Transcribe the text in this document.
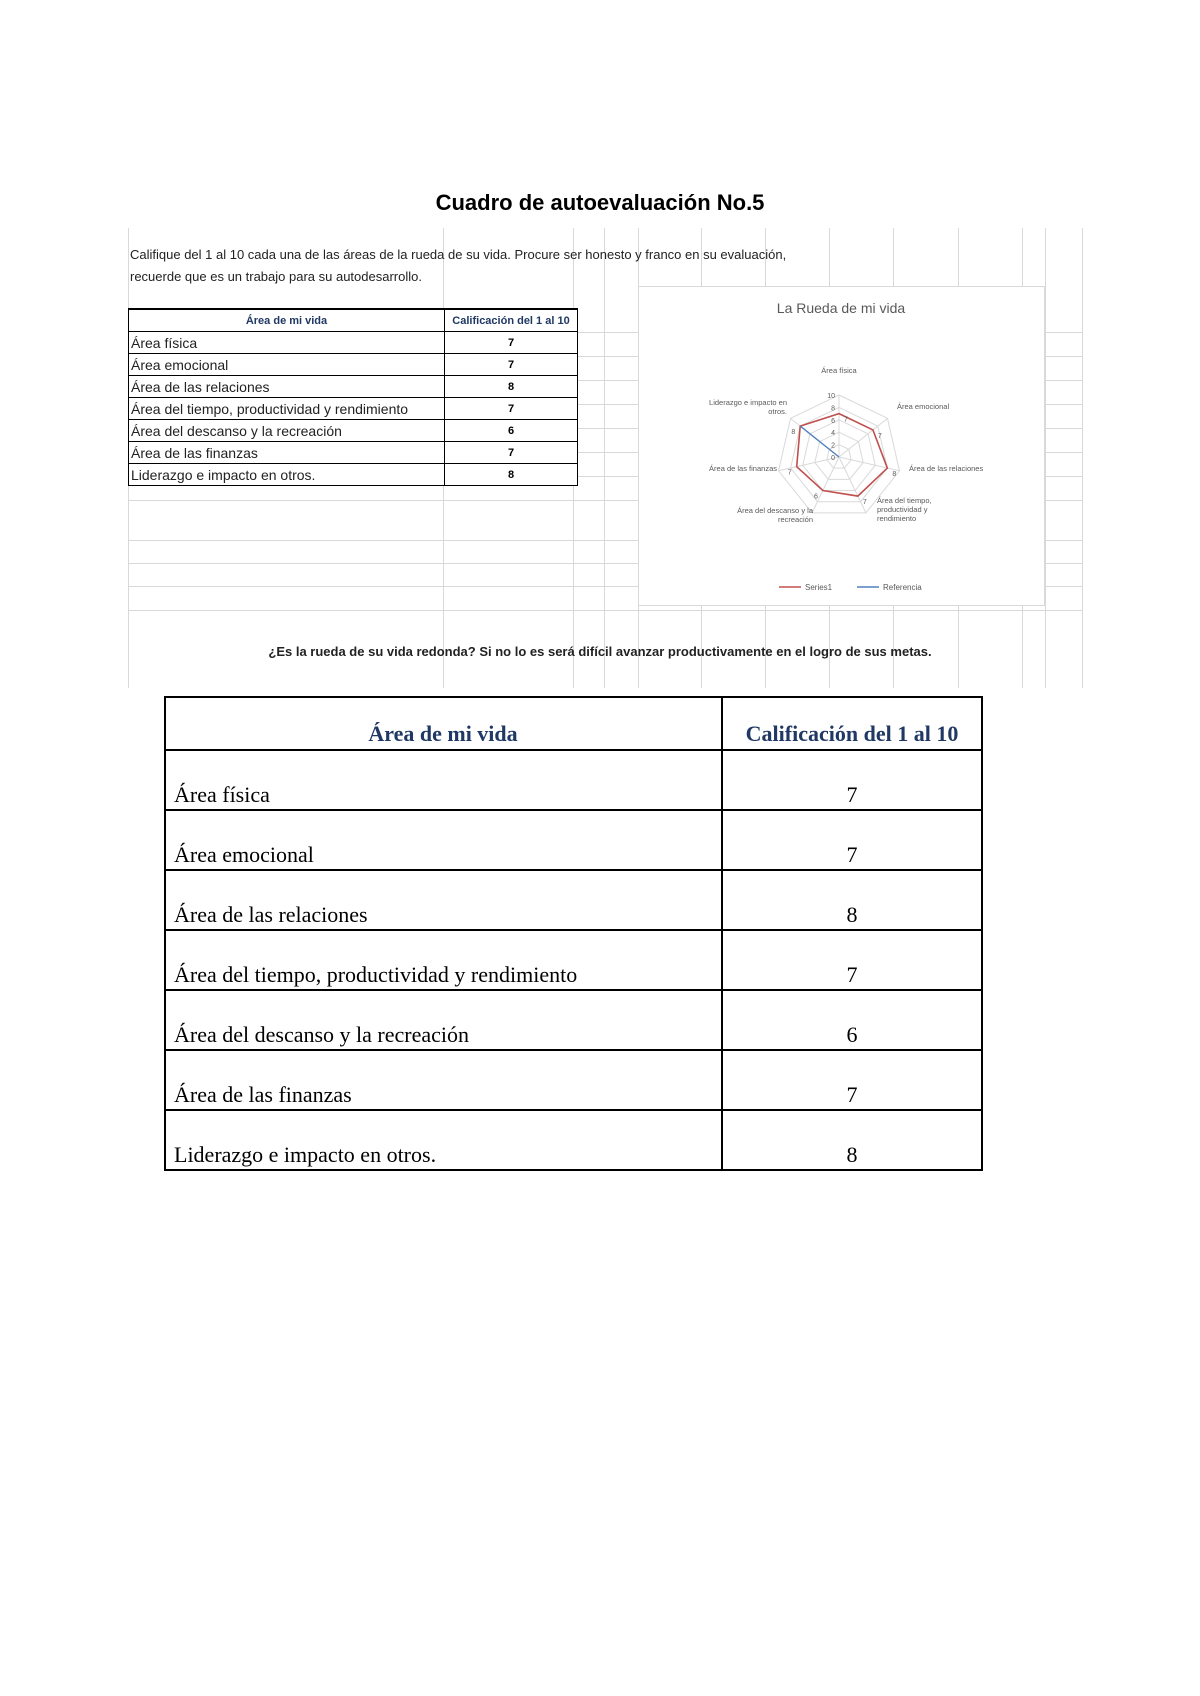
Cuadro de autoevaluación No.5
Califique del 1 al 10 cada una de las áreas de la rueda de su vida. Procure ser honesto y franco en su evaluación,
recuerde que es un trabajo para su autodesarrollo.
Área de mi vida	Calificación del 1 al 10
Área física	7
Área emocional	7
Área de las relaciones	8
Área del tiempo, productividad y rendimiento	7
Área del descanso y la recreación	6
Área de las finanzas	7
Liderazgo e impacto en otros.	8
La Rueda de mi vida
0
2
4
6
8
10
7
7
8
7
6
7
8
Área física
Área emocional
Área de las relaciones
Área del tiempo, productividad y rendimiento
Área del descanso y la recreación
Área de las finanzas
Liderazgo e impacto en otros.
Series1	Referencia
¿Es la rueda de su vida redonda? Si no lo es será difícil avanzar productivamente en el logro de sus metas.
Área de mi vida	Calificación del 1 al 10
Área física	7
Área emocional	7
Área de las relaciones	8
Área del tiempo, productividad y rendimiento	7
Área del descanso y la recreación	6
Área de las finanzas	7
Liderazgo e impacto en otros.	8
